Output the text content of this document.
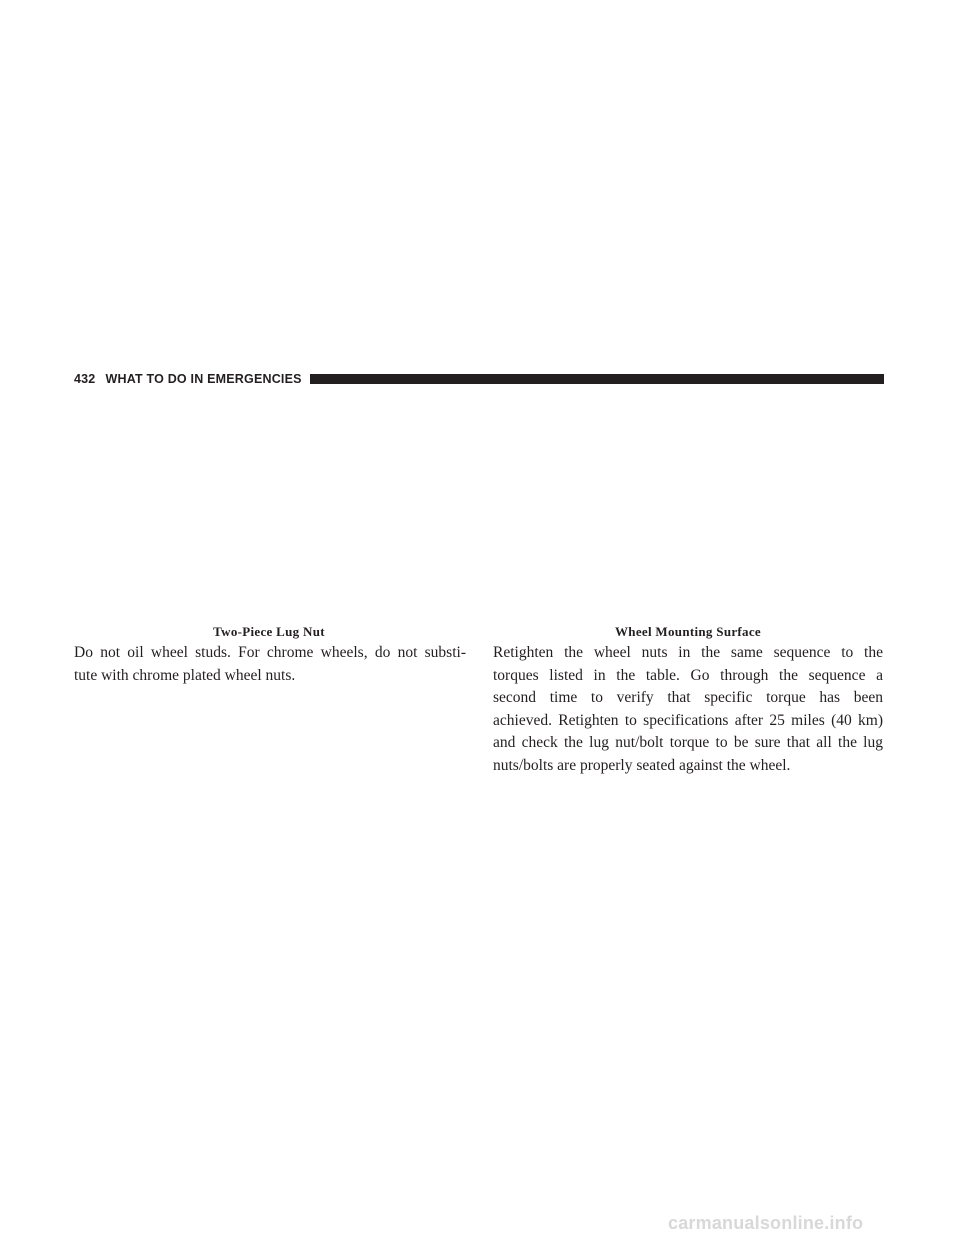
432 WHAT TO DO IN EMERGENCIES
Two-Piece Lug Nut	Wheel Mounting Surface
Do not oil wheel studs. For chrome wheels, do not substi-
tute with chrome plated wheel nuts.
Retighten the wheel nuts in the same sequence to the
torques listed in the table. Go through the sequence a
second time to verify that specific torque has been
achieved. Retighten to specifications after 25 miles (40 km)
and check the lug nut/bolt torque to be sure that all the lug
nuts/bolts are properly seated against the wheel.
carmanualsonline.info
